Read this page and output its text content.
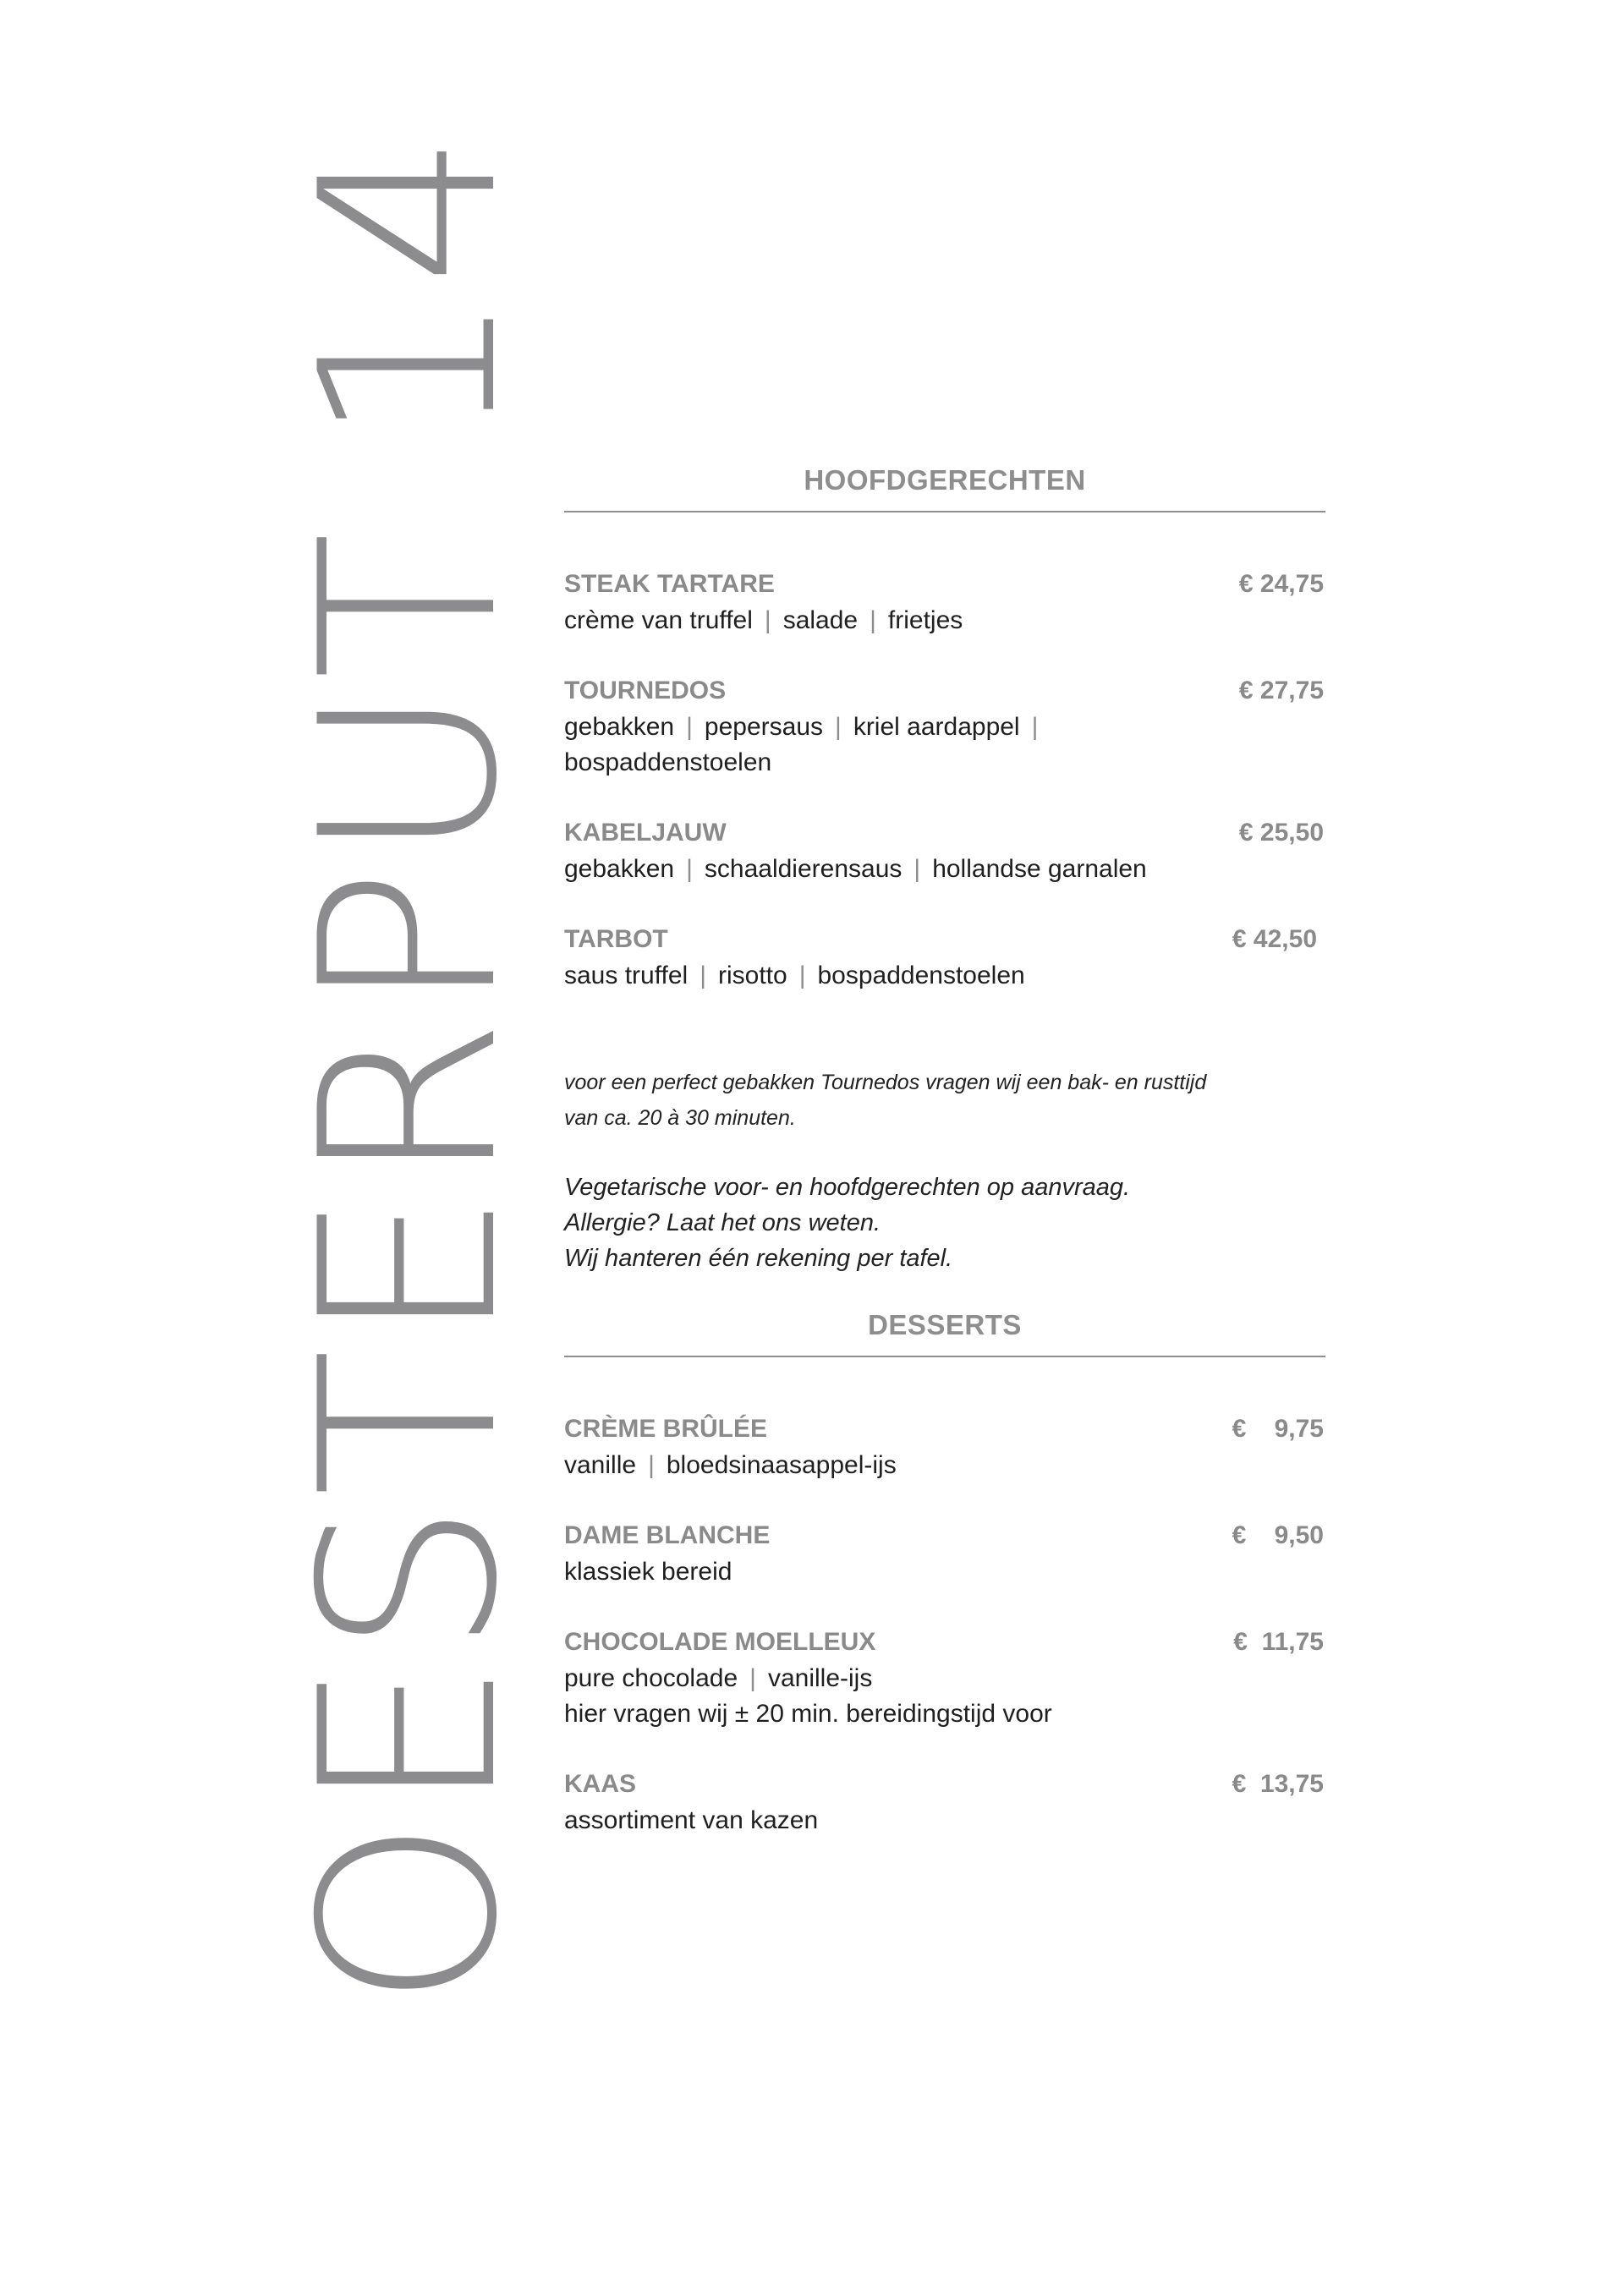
OESTERPUT 14	HOOFDGERECHTEN
STEAK TARTARE	€ 24,75
crème van truffel | salade | frietjes
TOURNEDOS	€ 27,75
gebakken | pepersaus | kriel aardappel |
bospaddenstoelen
KABELJAUW	€ 25,50
gebakken | schaaldierensaus | hollandse garnalen
TARBOT	€ 42,50
saus truffel | risotto | bospaddenstoelen
voor een perfect gebakken Tournedos vragen wij een bak- en rusttijd
van ca. 20 à 30 minuten.
Vegetarische voor- en hoofdgerechten op aanvraag.
Allergie? Laat het ons weten.
Wij hanteren één rekening per tafel.
DESSERTS
CRÈME BRÛLÉE	€    9,75
vanille | bloedsinaasappel-ijs
DAME BLANCHE	€    9,50
klassiek bereid
CHOCOLADE MOELLEUX	€  11,75
pure chocolade | vanille-ijs
hier vragen wij ± 20 min. bereidingstijd voor
KAAS	€  13,75
assortiment van kazen
